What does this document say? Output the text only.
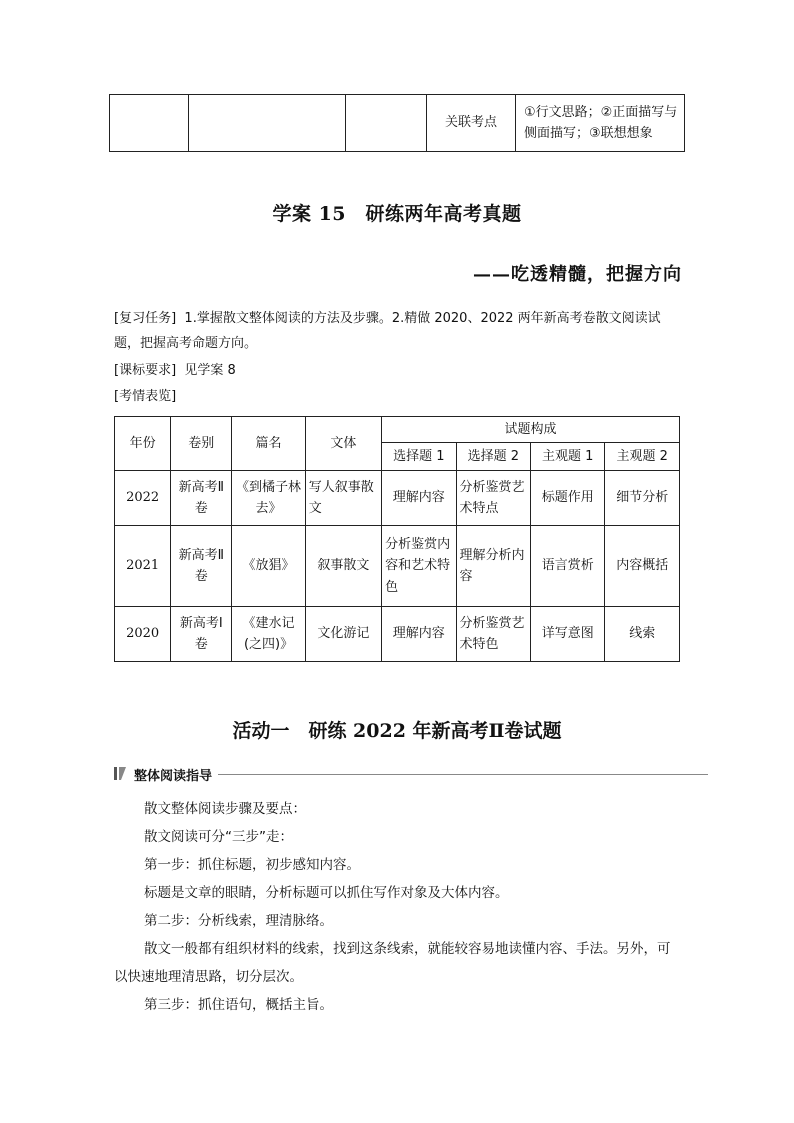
			关联考点	①行文思路；②正面描写与侧面描写；③联想想象
学案 15　研练两年高考真题
——吃透精髓，把握方向
[复习任务] 1.掌握散文整体阅读的方法及步骤。2.精做 2020、2022 两年新高考卷散文阅读试题，把握高考命题方向。
[课标要求] 见学案 8
[考情表览]
年份	卷别	篇名	文体	试题构成			
				选择题 1	选择题 2	主观题 1	主观题 2
2022	新高考Ⅱ卷	《到橘子林去》	写人叙事散文	理解内容	分析鉴赏艺术特点	标题作用	细节分析
2021	新高考Ⅱ卷	《放猖》	叙事散文	分析鉴赏内容和艺术特色	理解分析内容	语言赏析	内容概括
2020	新高考Ⅰ卷	《建水记(之四)》	文化游记	理解内容	分析鉴赏艺术特色	详写意图	线索
活动一　研练 2022 年新高考Ⅱ卷试题
整体阅读指导
散文整体阅读步骤及要点：
散文阅读可分“三步”走：
第一步：抓住标题，初步感知内容。
标题是文章的眼睛，分析标题可以抓住写作对象及大体内容。
第二步：分析线索，理清脉络。
散文一般都有组织材料的线索，找到这条线索，就能较容易地读懂内容、手法。另外，可以快速地理清思路，切分层次。
第三步：抓住语句，概括主旨。
